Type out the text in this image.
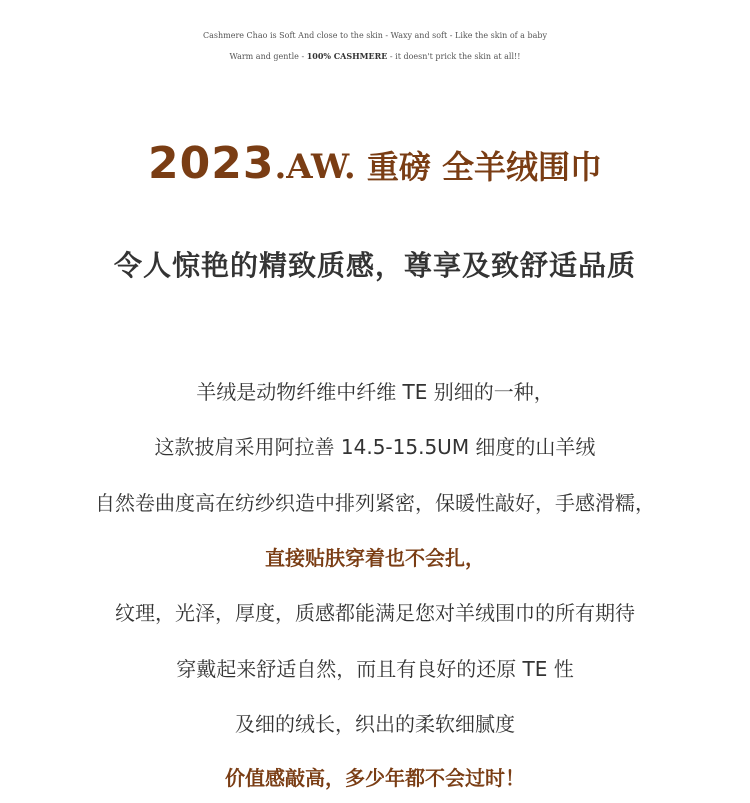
Cashmere Chao is Soft And close to the skin - Waxy and soft - Like the skin of a baby
Warm and gentle - 100% CASHMERE - it doesn't prick the skin at all!!
2023.AW. 重磅 全羊绒围巾
令人惊艳的精致质感，尊享及致舒适品质
羊绒是动物纤维中纤维 TE 别细的一种，
这款披肩采用阿拉善 14.5-15.5UM 细度的山羊绒
自然卷曲度高在纺纱织造中排列紧密，保暖性敲好，手感滑糯，
直接贴肤穿着也不会扎，
纹理，光泽，厚度，质感都能满足您对羊绒围巾的所有期待
穿戴起来舒适自然，而且有良好的还原 TE 性
及细的绒长，织出的柔软细腻度
价值感敲高，多少年都不会过时！
